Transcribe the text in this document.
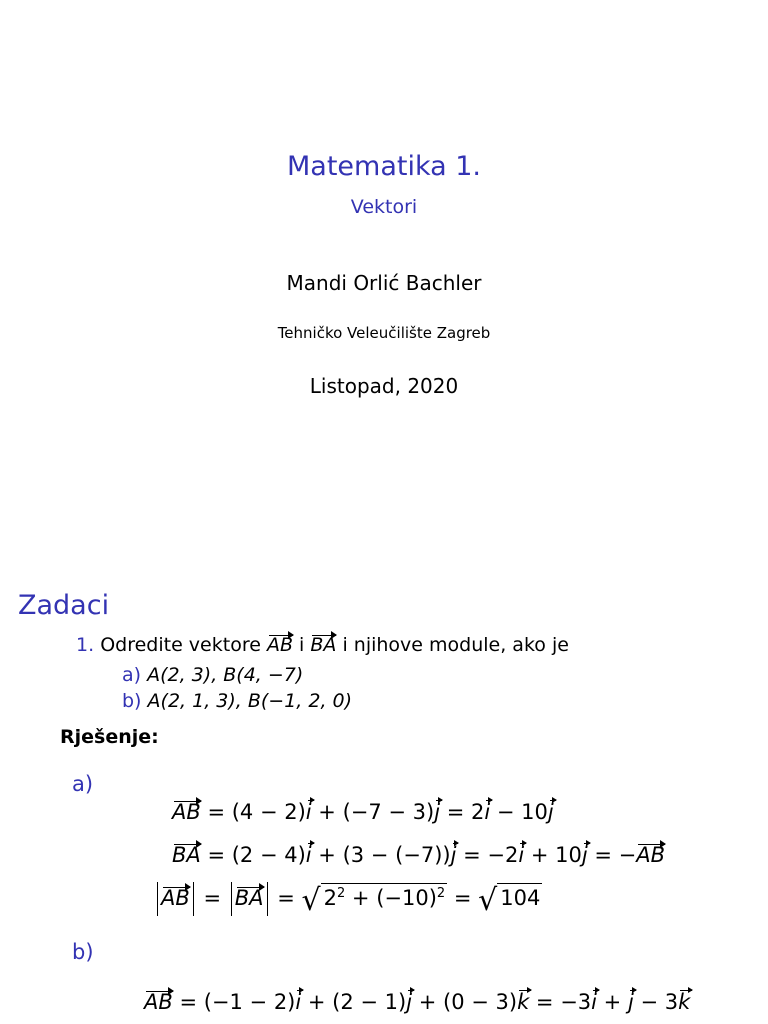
Matematika 1.
Vektori
Mandi Orlić Bachler
Tehničko Veleučilište Zagreb
Listopad, 2020
Zadaci
1. Odredite vektore AB i BA i njihove module, ako je
a) A(2, 3), B(4, −7)
b) A(2, 1, 3), B(−1, 2, 0)
Rješenje:
a)
AB = (4 − 2)i + (−7 − 3)j = 2i − 10j
BA = (2 − 4)i + (3 − (−7))j = −2i + 10j = −AB
AB = BA = √ $2^2 + (-10)^2$ = √ 104
b)
AB = (−1 − 2)i + (2 − 1)j + (0 − 3)k = −3i + j − 3k
